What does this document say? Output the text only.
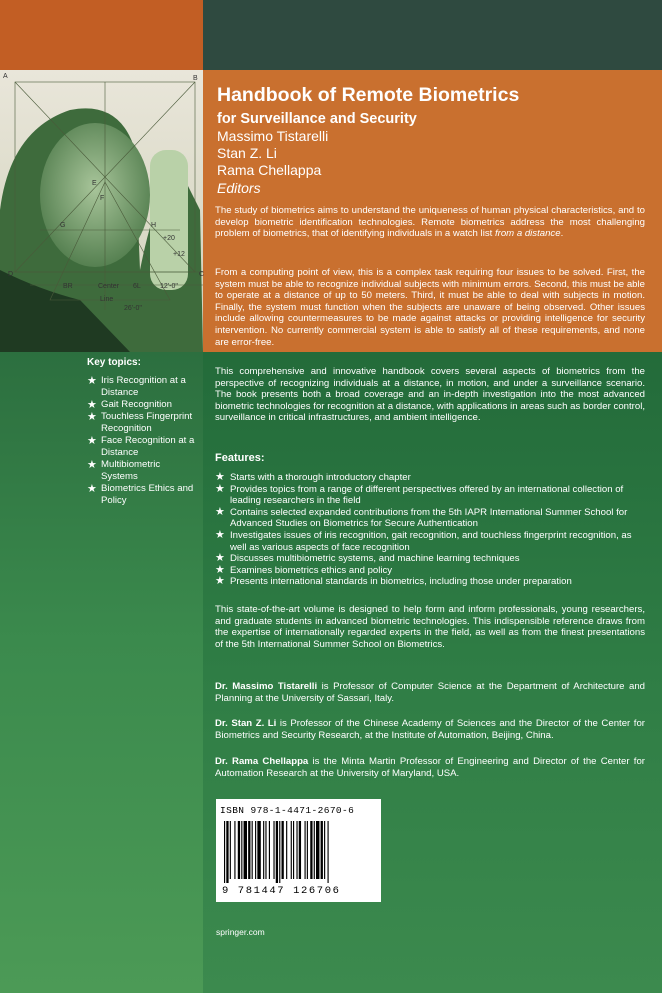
A	B
C
D
E
F
G	H
BR	Center
Line
6L	12'-0"
26'-0"
+20
+12
Handbook of Remote Biometrics
for Surveillance and Security
Massimo Tistarelli
Stan Z. Li
Rama Chellappa
Editors
The study of biometrics aims to understand the uniqueness of human physical characteristics, and to develop biometric identification technologies. Remote biometrics address the most challenging problem of biometrics, that of identifying individuals in a watch list from a distance.
From a computing point of view, this is a complex task requiring four issues to be solved. First, the system must be able to recognize individual subjects with minimum errors. Second, this must be able to operate at a distance of up to 50 meters. Third, it must be able to deal with subjects in motion. Finally, the system must function when the subjects are unaware of being observed. Other issues include allowing countermeasures to be made against attacks or providing intelligence for security intervention. No currently commercial system is able to satisfy all of these requirements, and none are error-free.
This comprehensive and innovative handbook covers several aspects of biometrics from the perspective of recognizing individuals at a distance, in motion, and under a surveillance scenario. The book presents both a broad coverage and an in-depth investigation into the most advanced biometric technologies for recognition at a distance, with applications in areas such as border control, surveillance in critical infrastructures, and ambient intelligence.
Features:
★ Starts with a thorough introductory chapter
★ Provides topics from a range of different perspectives offered by an international collection of leading researchers in the field
★ Contains selected expanded contributions from the 5th IAPR International Summer School for Advanced Studies on Biometrics for Secure Authentication
★ Investigates issues of iris recognition, gait recognition, and touchless fingerprint recognition, as well as various aspects of face recognition
★ Discusses multibiometric systems, and machine learning techniques
★ Examines biometrics ethics and policy
★ Presents international standards in biometrics, including those under preparation
This state-of-the-art volume is designed to help form and inform professionals, young researchers, and graduate students in advanced biometric technologies. This indispensible reference draws from the expertise of internationally regarded experts in the field, as well as from the finest presentations of the 5th International Summer School on Biometrics.
Dr. Massimo Tistarelli is Professor of Computer Science at the Department of Architecture and Planning at the University of Sassari, Italy.
Dr. Stan Z. Li is Professor of the Chinese Academy of Sciences and the Director of the Center for Biometrics and Security Research, at the Institute of Automation, Beijing, China.
Dr. Rama Chellappa is the Minta Martin Professor of Engineering and Director of the Center for Automation Research at the University of Maryland, USA.
Key topics:
★ Iris Recognition at a Distance
★ Gait Recognition
★ Touchless Fingerprint Recognition
★ Face Recognition at a Distance
★ Multibiometric Systems
★ Biometrics Ethics and Policy
ISBN 978-1-4471-2670-6
9 781447 126706
springer.com
